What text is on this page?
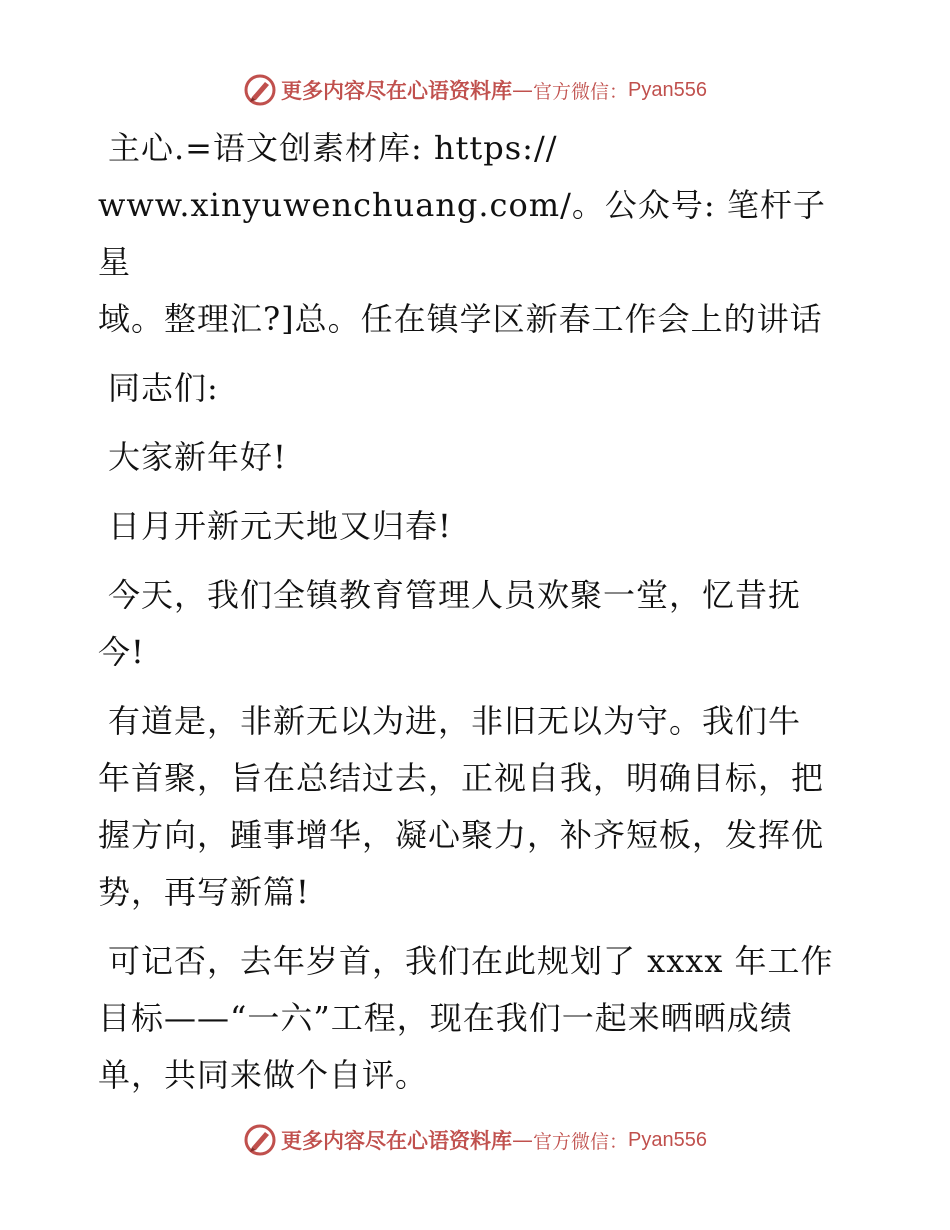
更多内容尽在心语资料库 — 官方微信： Pyan556

主心.=语文创素材库: https://
www.xinyuwenchuang.com/。公众号: 笔杆子星
域。整理汇?]总。任在镇学区新春工作会上的讲话

同志们:

大家新年好!

日月开新元天地又归春!

今天，我们全镇教育管理人员欢聚一堂，忆昔抚
今!

有道是，非新无以为进，非旧无以为守。我们牛
年首聚，旨在总结过去，正视自我，明确目标，把
握方向，踵事增华，凝心聚力，补齐短板，发挥优
势，再写新篇!

可记否，去年岁首，我们在此规划了 xxxx 年工作
目标——“一六”工程，现在我们一起来晒晒成绩
单，共同来做个自评。

更多内容尽在心语资料库 — 官方微信： Pyan556
